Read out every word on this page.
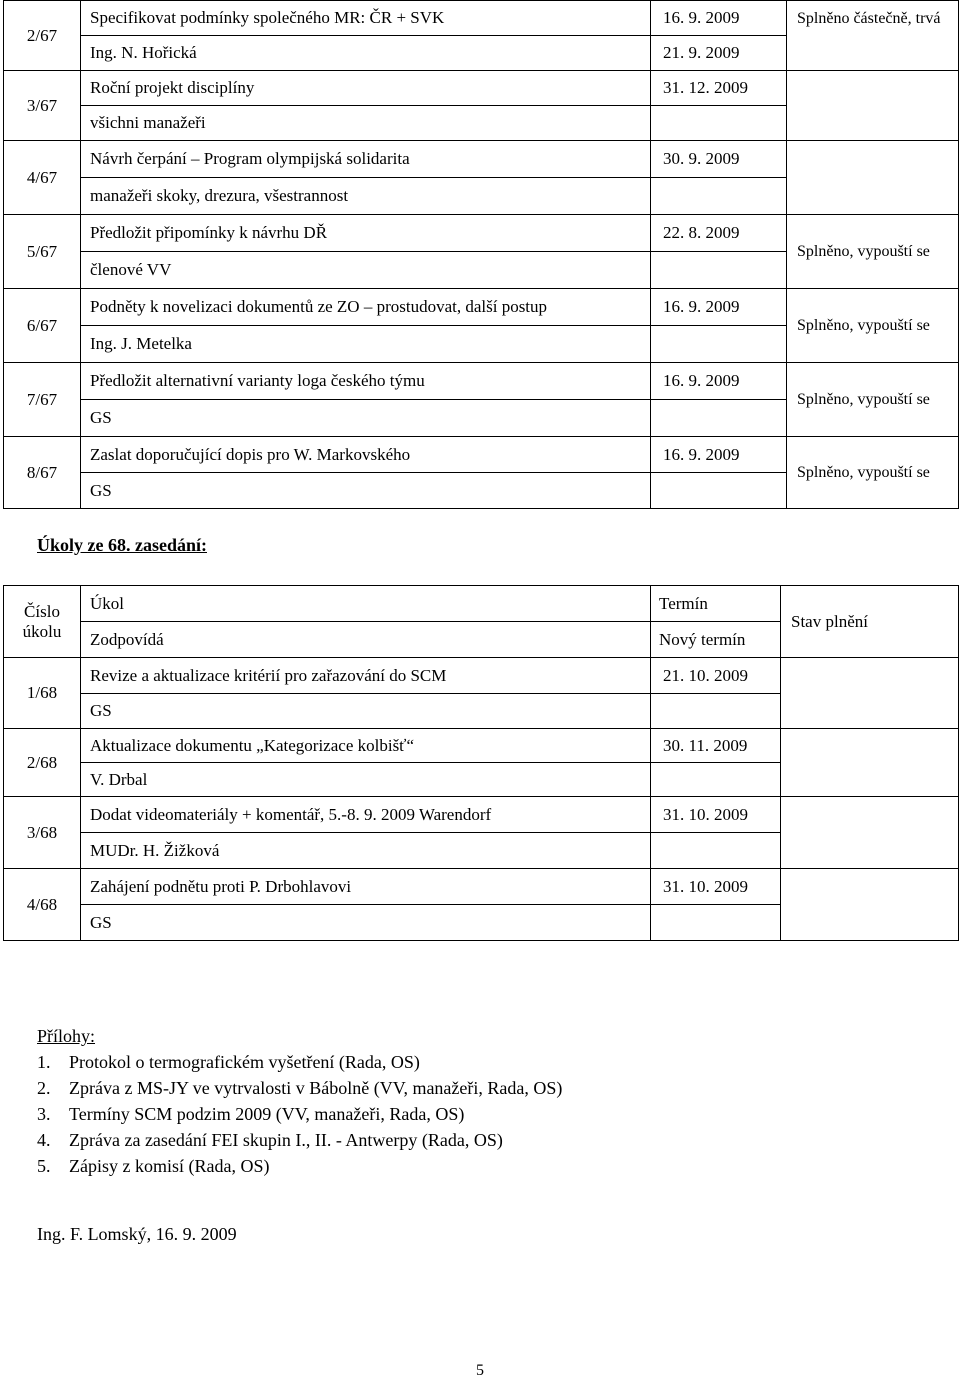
2/67	Specifikovat podmínky společného MR: ČR + SVK	16. 9. 2009	Splněno částečně, trvá
	Ing. N. Hořická	21. 9. 2009	
3/67	Roční projekt disciplíny	31. 12. 2009	
	všichni manažeři		
4/67	Návrh čerpání – Program olympijská solidarita	30. 9. 2009	
	manažeři skoky, drezura, všestrannost		
5/67	Předložit připomínky k návrhu DŘ	22. 8. 2009	Splněno, vypouští se
	členové VV		
6/67	Podněty k novelizaci dokumentů ze ZO – prostudovat, další postup	16. 9. 2009	Splněno, vypouští se
	Ing. J. Metelka		
7/67	Předložit alternativní varianty loga českého týmu	16. 9. 2009	Splněno, vypouští se
	GS		
8/67	Zaslat doporučující dopis pro W. Markovského	16. 9. 2009	Splněno, vypouští se
	GS		
Úkoly ze 68. zasedání:
Číslo úkolu	Úkol	Termín	Stav plnění
	Zodpovídá	Nový termín	
1/68	Revize a aktualizace kritérií pro zařazování do SCM	21. 10. 2009	
	GS		
2/68	Aktualizace dokumentu „Kategorizace kolbišť“	30. 11. 2009	
	V. Drbal		
3/68	Dodat videomateriály + komentář, 5.-8. 9. 2009 Warendorf	31. 10. 2009	
	MUDr. H. Žižková		
4/68	Zahájení podnětu proti P. Drbohlavovi	31. 10. 2009	
	GS		
Přílohy:
1. Protokol o termografickém vyšetření (Rada, OS)
2. Zpráva z MS-JY ve vytrvalosti v Bábolně (VV, manažeři, Rada, OS)
3. Termíny SCM podzim 2009 (VV, manažeři, Rada, OS)
4. Zpráva za zasedání FEI skupin I., II. - Antwerpy (Rada, OS)
5. Zápisy z komisí (Rada, OS)
Ing. F. Lomský, 16. 9. 2009
5
